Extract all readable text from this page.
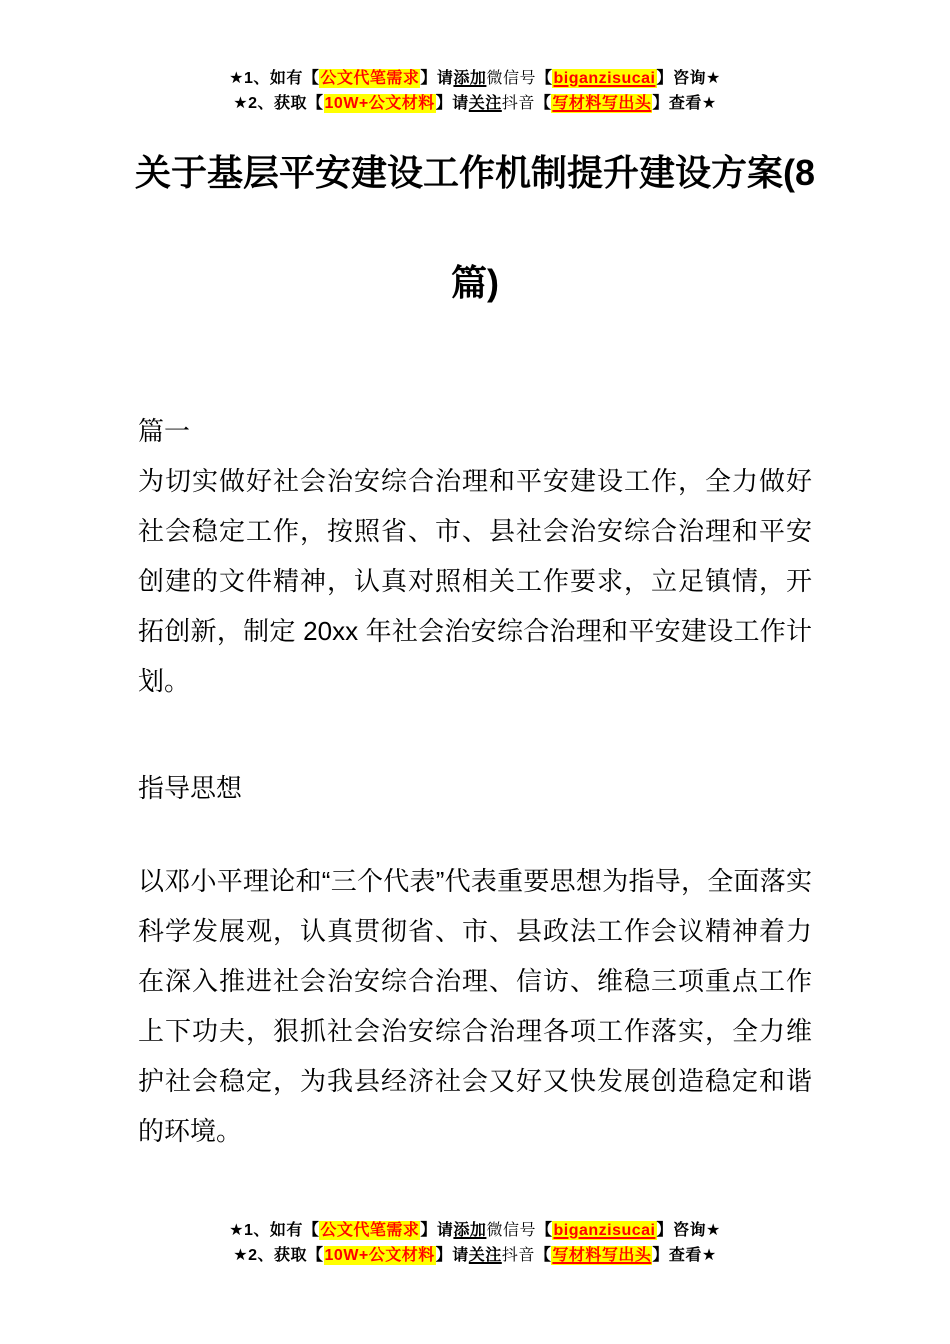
★1、如有【公文代笔需求】请添加微信号【biganzisucai】咨询★
★2、获取【10W+公文材料】请关注抖音【写材料写出头】查看★
关于基层平安建设工作机制提升建设方案(8篇)

篇一

为切实做好社会治安综合治理和平安建设工作，全力做好社会稳定工作，按照省、市、县社会治安综合治理和平安创建的文件精神，认真对照相关工作要求，立足镇情，开拓创新，制定 20xx 年社会治安综合治理和平安建设工作计划。

指导思想

以邓小平理论和“三个代表”代表重要思想为指导，全面落实科学发展观，认真贯彻省、市、县政法工作会议精神着力在深入推进社会治安综合治理、信访、维稳三项重点工作上下功夫，狠抓社会治安综合治理各项工作落实，全力维护社会稳定，为我县经济社会又好又快发展创造稳定和谐的环境。

★1、如有【公文代笔需求】请添加微信号【biganzisucai】咨询★
★2、获取【10W+公文材料】请关注抖音【写材料写出头】查看★
